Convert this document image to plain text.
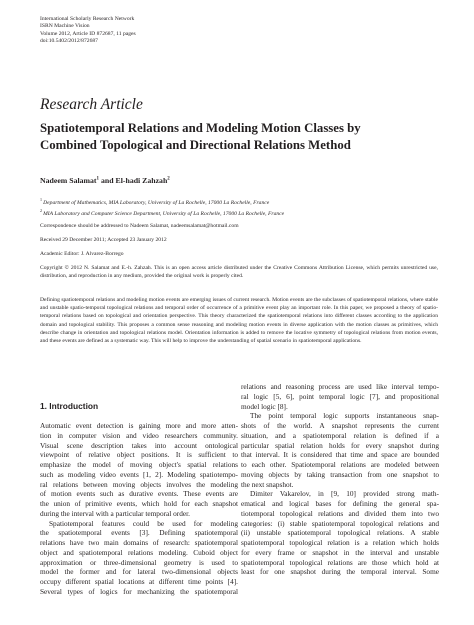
International Scholarly Research Network
ISRN Machine Vision
Volume 2012, Article ID 872687, 11 pages
doi:10.5402/2012/872687
Research Article
Spatiotemporal Relations and Modeling Motion Classes by
Combined Topological and Directional Relations Method
Nadeem Salamat$^1$ and El-hadi Zahzah$^2$
$^1$ Department of Mathematics, MIA Laboratory, University of La Rochelle, 17000 La Rochelle, France
$^2$ MIA Laboratory and Computer Science Department, University of La Rochelle, 17000 La Rochelle, France
Correspondence should be addressed to Nadeem Salamat, nadeemsalamat@hotmail.com
Received 29 December 2011; Accepted 23 January 2012
Academic Editor: J. Alvarez-Borrego
Copyright © 2012 N. Salamat and E.-h. Zahzah. This is an open access article distributed under the Creative Commons Attribution License, which permits unrestricted use, distribution, and reproduction in any medium, provided the original work is properly cited.
Defining spatiotemporal relations and modeling motion events are emerging issues of current research. Motion events are the subclasses of spatiotemporal relations, where stable and unstable spatio-temporal topological relations and temporal order of occurrence of a primitive event play an important role. In this paper, we proposed a theory of spatio-temporal relations based on topological and orientation perspective. This theory characterized the spatiotemporal relations into different classes according to the application domain and topological stability. This proposes a common sense reasoning and modeling motion events in diverse application with the motion classes as primitives, which describe change in orientation and topological relations model. Orientation information is added to remove the locative symmetry of topological relations from motion events, and these events are defined as a systematic way. This will help to improve the understanding of spatial scenario in spatiotemporal applications.
1. Introduction
Automatic event detection is gaining more and more atten-
tion in computer vision and video researchers community.
Visual scene description takes into account ontological
viewpoint of relative object positions. It is sufficient to
emphasize the model of moving object's spatial relations
such as modeling video events [1, 2]. Modeling spatiotempo-
ral relations between moving objects involves the modeling
of motion events such as durative events. These events are
the union of primitive events, which hold for each snapshot
during the interval with a particular temporal order.
Spatiotemporal features could be used for modeling
the spatiotemporal events [3]. Defining spatiotemporal
relations have two main domains of research: spatiotemporal
object and spatiotemporal relations modeling. Cuboid object
approximation or three-dimensional geometry is used to
model the former and for lateral two-dimensional objects
occupy different spatial locations at different time points [4].
Several types of logics for mechanizing the spatiotemporal
relations and reasoning process are used like interval tempo-
ral logic [5, 6], point temporal logic [7], and propositional
model logic [8].
The point temporal logic supports instantaneous snap-
shots of the world. A snapshot represents the current
situation, and a spatiotemporal relation is defined if a
particular spatial relation holds for every snapshot during
that interval. It is considered that time and space are bounded
to each other. Spatiotemporal relations are modeled between
moving objects by taking transaction from one snapshot to
the next snapshot.
Dimiter Vakarelov, in [9, 10] provided strong math-
ematical and logical bases for defining the general spa-
tiotemporal topological relations and divided them into two
categories: (i) stable spatiotemporal topological relations and
(ii) unstable spatiotemporal topological relations. A stable
spatiotemporal topological relation is a relation which holds
for every frame or snapshot in the interval and unstable
spatiotemporal topological relations are those which hold at
least for one snapshot during the temporal interval. Some
